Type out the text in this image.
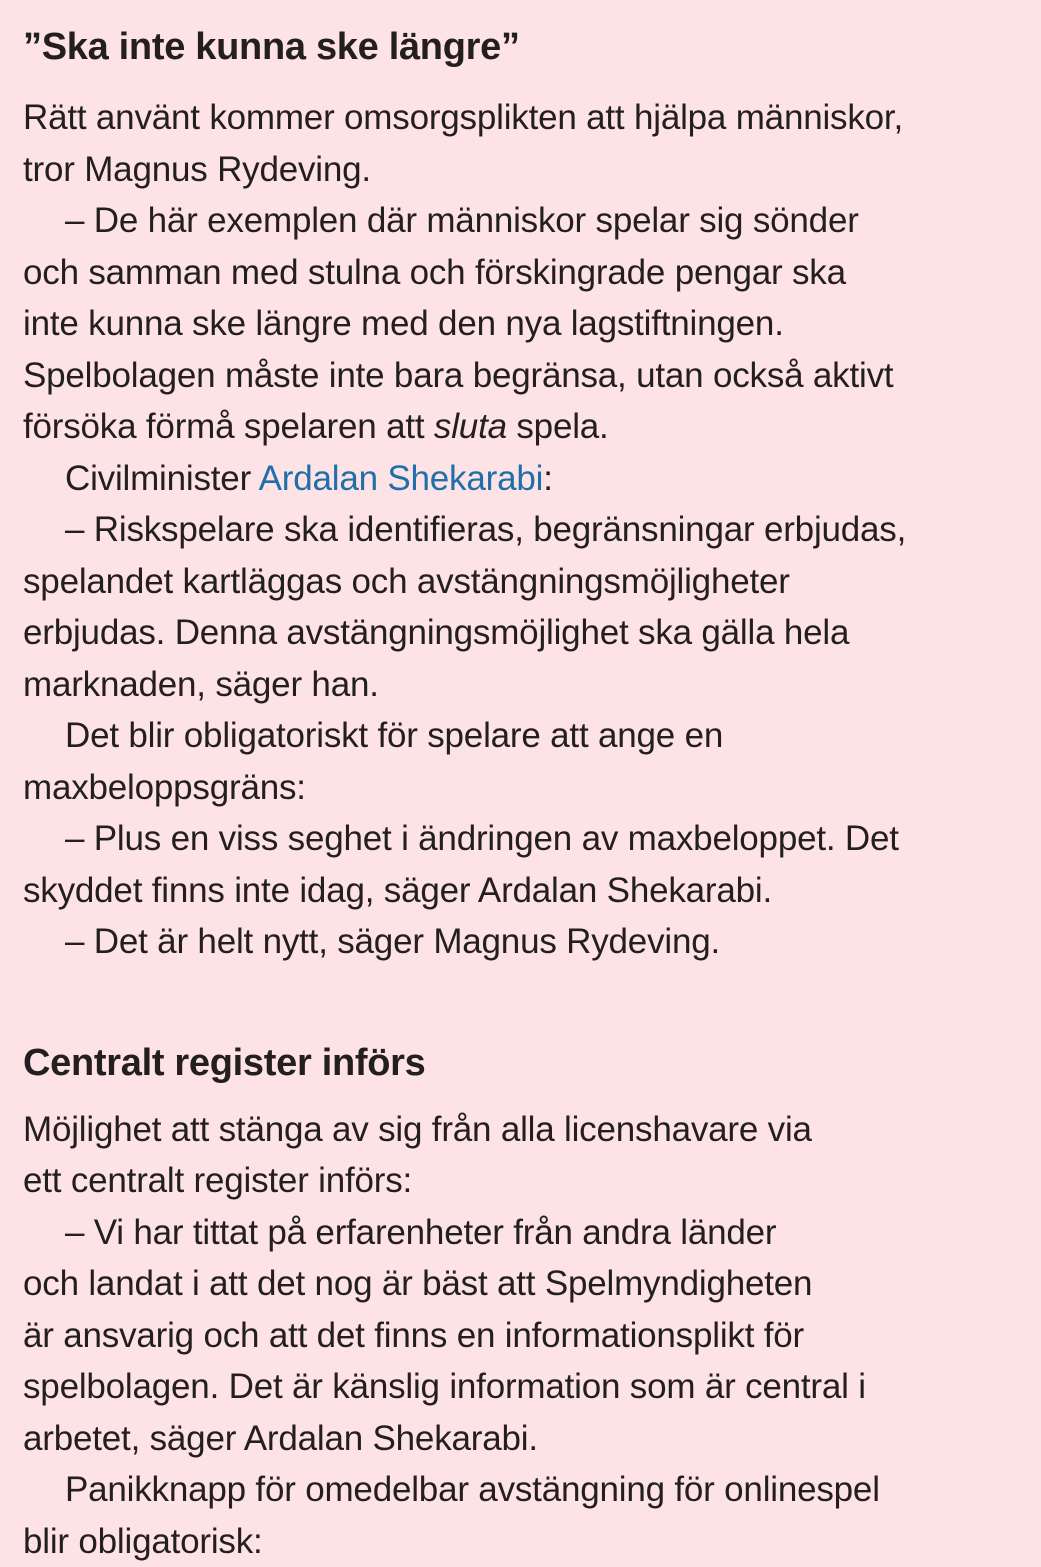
”Ska inte kunna ske längre”
Rätt använt kommer omsorgsplikten att hjälpa människor,
tror Magnus Rydeving.
– De här exemplen där människor spelar sig sönder
och samman med stulna och förskingrade pengar ska
inte kunna ske längre med den nya lagstiftningen.
Spelbolagen måste inte bara begränsa, utan också aktivt
försöka förmå spelaren att sluta spela.
Civilminister Ardalan Shekarabi:
– Riskspelare ska identifieras, begränsningar erbjudas,
spelandet kartläggas och avstängningsmöjligheter
erbjudas. Denna avstängningsmöjlighet ska gälla hela
marknaden, säger han.
Det blir obligatoriskt för spelare att ange en
maxbeloppsgräns:
– Plus en viss seghet i ändringen av maxbeloppet. Det
skyddet finns inte idag, säger Ardalan Shekarabi.
– Det är helt nytt, säger Magnus Rydeving.
Centralt register införs
Möjlighet att stänga av sig från alla licenshavare via
ett centralt register införs:
– Vi har tittat på erfarenheter från andra länder
och landat i att det nog är bäst att Spelmyndigheten
är ansvarig och att det finns en informationsplikt för
spelbolagen. Det är känslig information som är central i
arbetet, säger Ardalan Shekarabi.
Panikknapp för omedelbar avstängning för onlinespel
blir obligatorisk:
